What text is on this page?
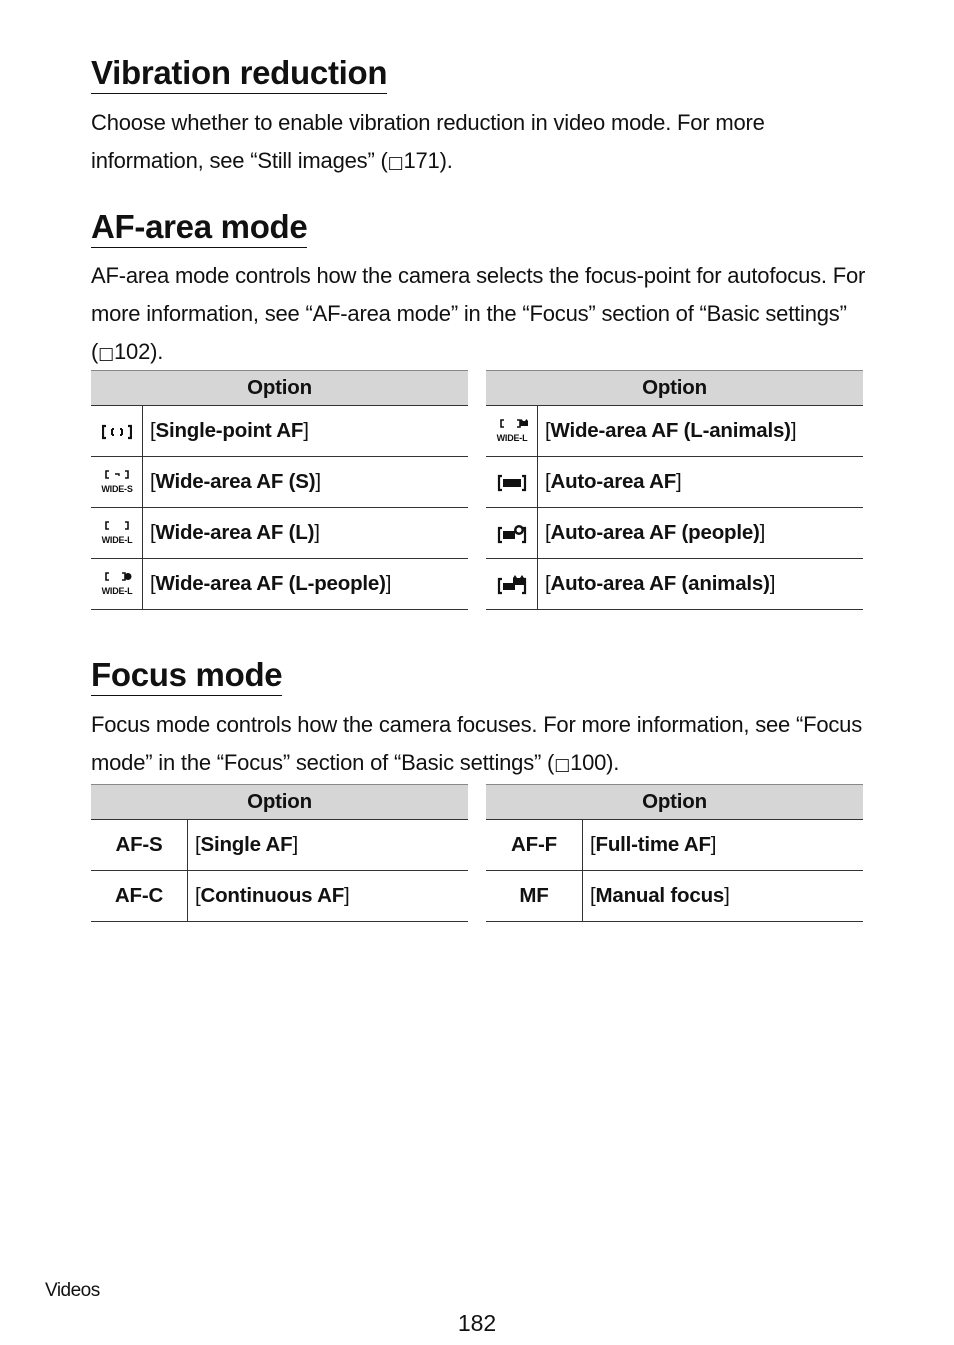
Vibration reduction

Choose whether to enable vibration reduction in video mode. For more information, see “Still images” (□171).

AF-area mode

AF-area mode controls how the camera selects the focus-point for autofocus. For more information, see “AF-area mode” in the “Focus” section of “Basic settings” (□102).

Option	
	[Single-point AF]

WIDE-S	[Wide-area AF (S)]

WIDE-L	[Wide-area AF (L)]

WIDE-L	[Wide-area AF (L-people)]
Option	

WIDE-L	[Wide-area AF (L-animals)]
	[Auto-area AF]
	[Auto-area AF (people)]
	[Auto-area AF (animals)]
Focus mode

Focus mode controls how the camera focuses. For more information, see “Focus mode” in the “Focus” section of “Basic settings” (□100).

Option	
AF-S	[Single AF]
AF-C	[Continuous AF]
Option	
AF-F	[Full-time AF]
MF	[Manual focus]
Videos
182
